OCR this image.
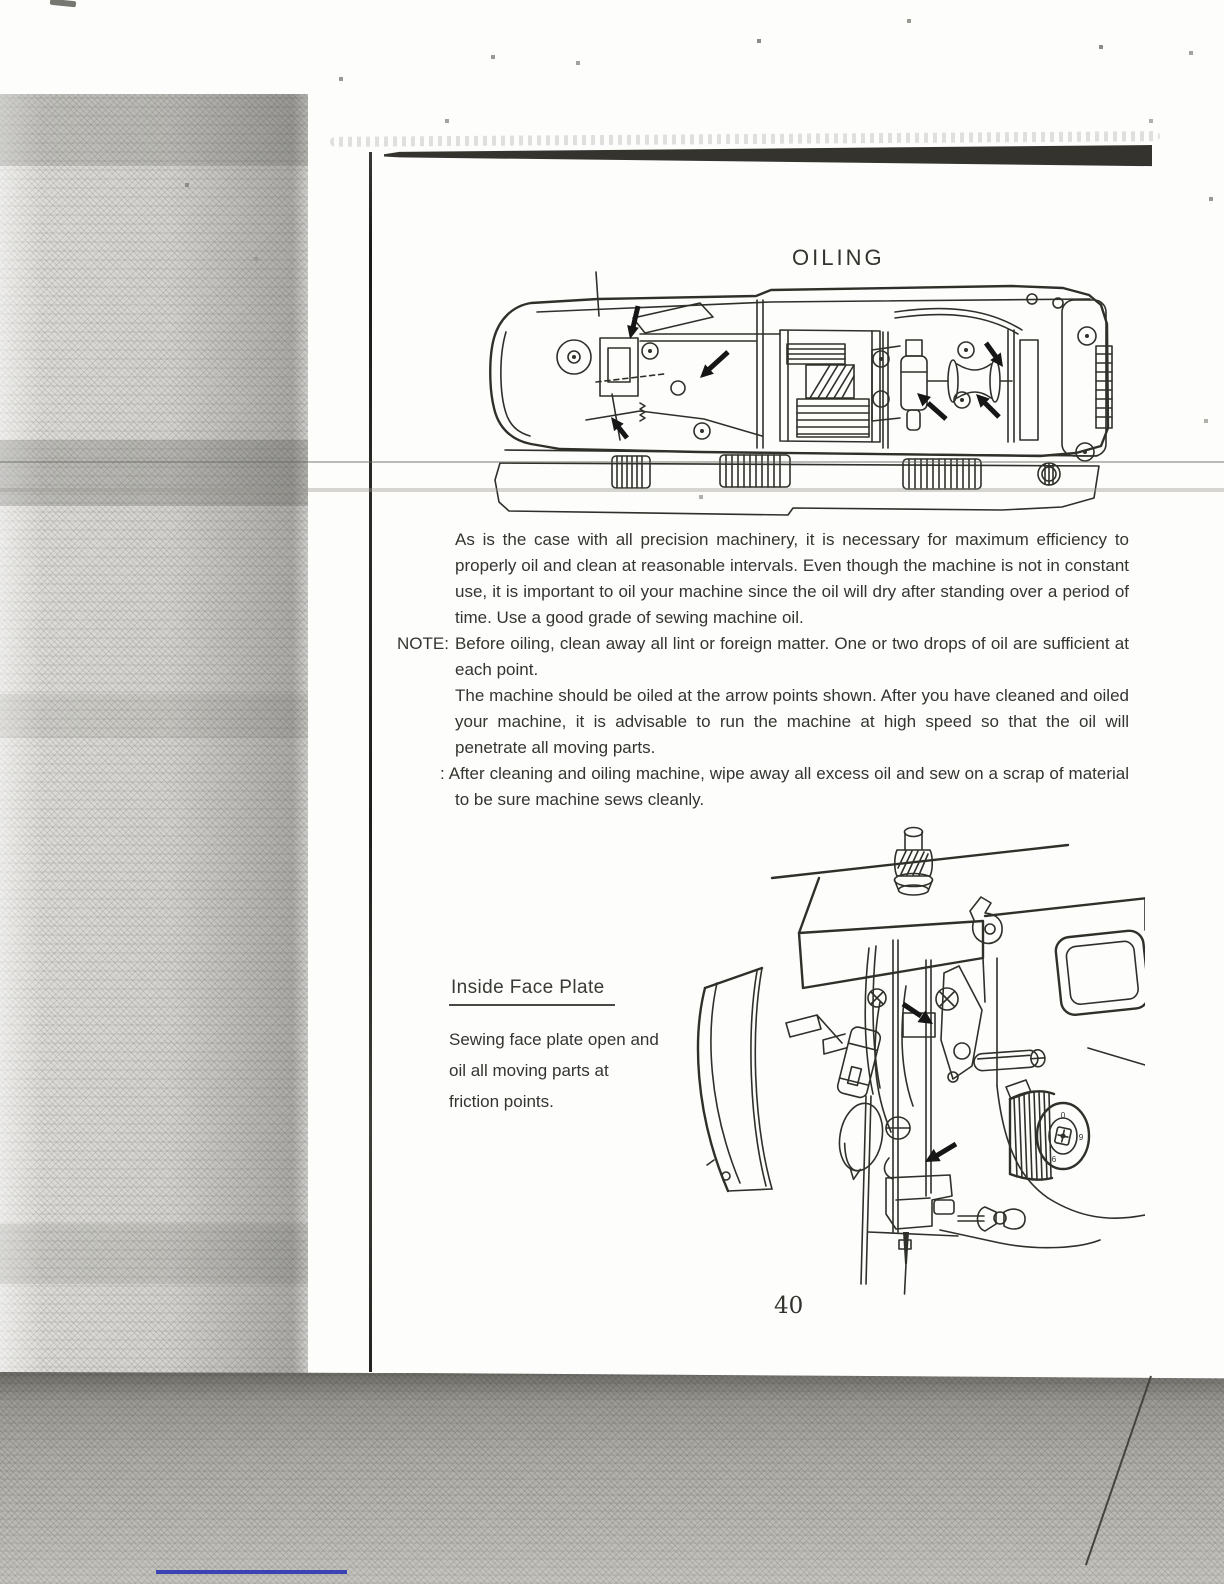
OILING

As is the case with all precision machinery, it is necessary for maximum efficiency to properly oil and clean at reasonable intervals. Even though the machine is not in constant use, it is important to oil your machine since the oil will dry after standing over a period of time. Use a good grade of sewing machine oil.

NOTE: Before oiling, clean away all lint or foreign matter. One or two drops of oil are sufficient at each point.

The machine should be oiled at the arrow points shown. After you have cleaned and oiled your machine, it is advisable to run the machine at high speed so that the oil will penetrate all moving parts.

: After cleaning and oiling machine, wipe away all excess oil and sew on a scrap of material to be sure machine sews cleanly.

Inside Face Plate
Sewing face plate open and
oil all moving parts at
friction points.
0
9
6
40
